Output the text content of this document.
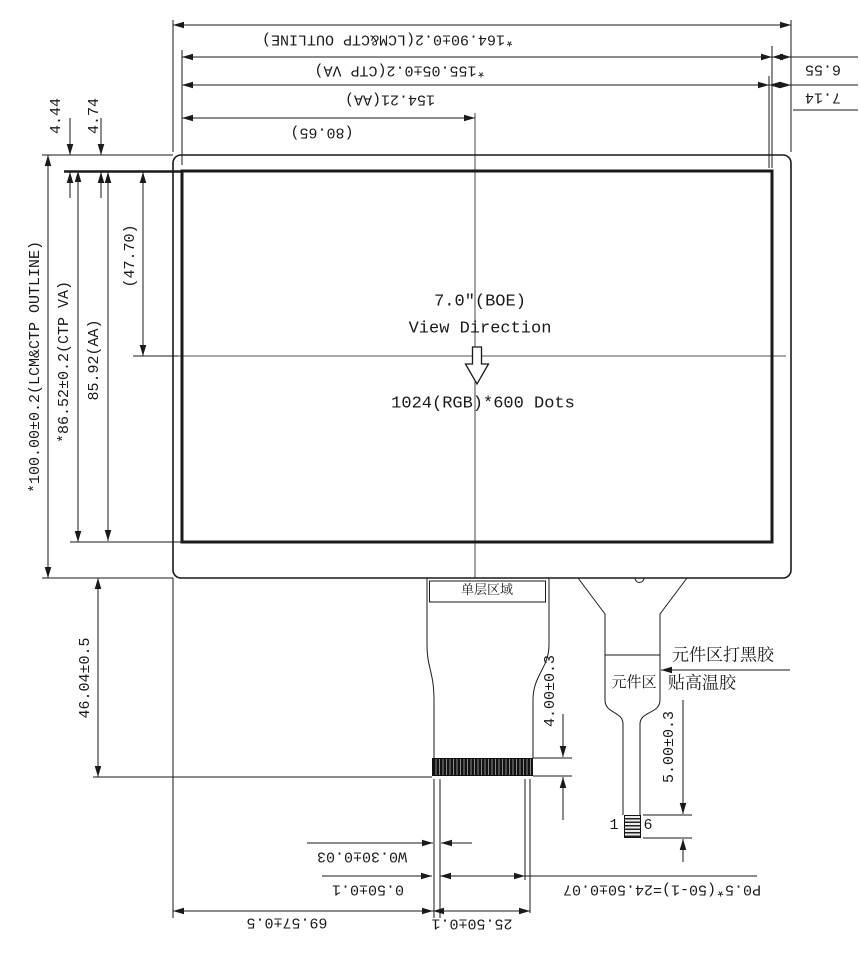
*164.90±0.2(LCM&CTP OUTLINE)
*155.05±0.2(CTP VA)
154.21(AA)
(80.65)
6.55
7.14
4.44 4.74
*100.00±0.2(LCM&CTP OUTLINE) *86.52±0.2(CTP VA) 85.92(AA)
(47.70)
46.04±0.5
7.0″(BOE)
View Direction
1024(RGB)*600 Dots
单层区域
4.00±0.3	元件区
元件区打黑胶
贴高温胶
5.00±0.3
1 6
W0.30±0.03
0.50±0.1	P0.5*(50-1)=24.50±0.07
69.57±0.5	25.50±0.1
